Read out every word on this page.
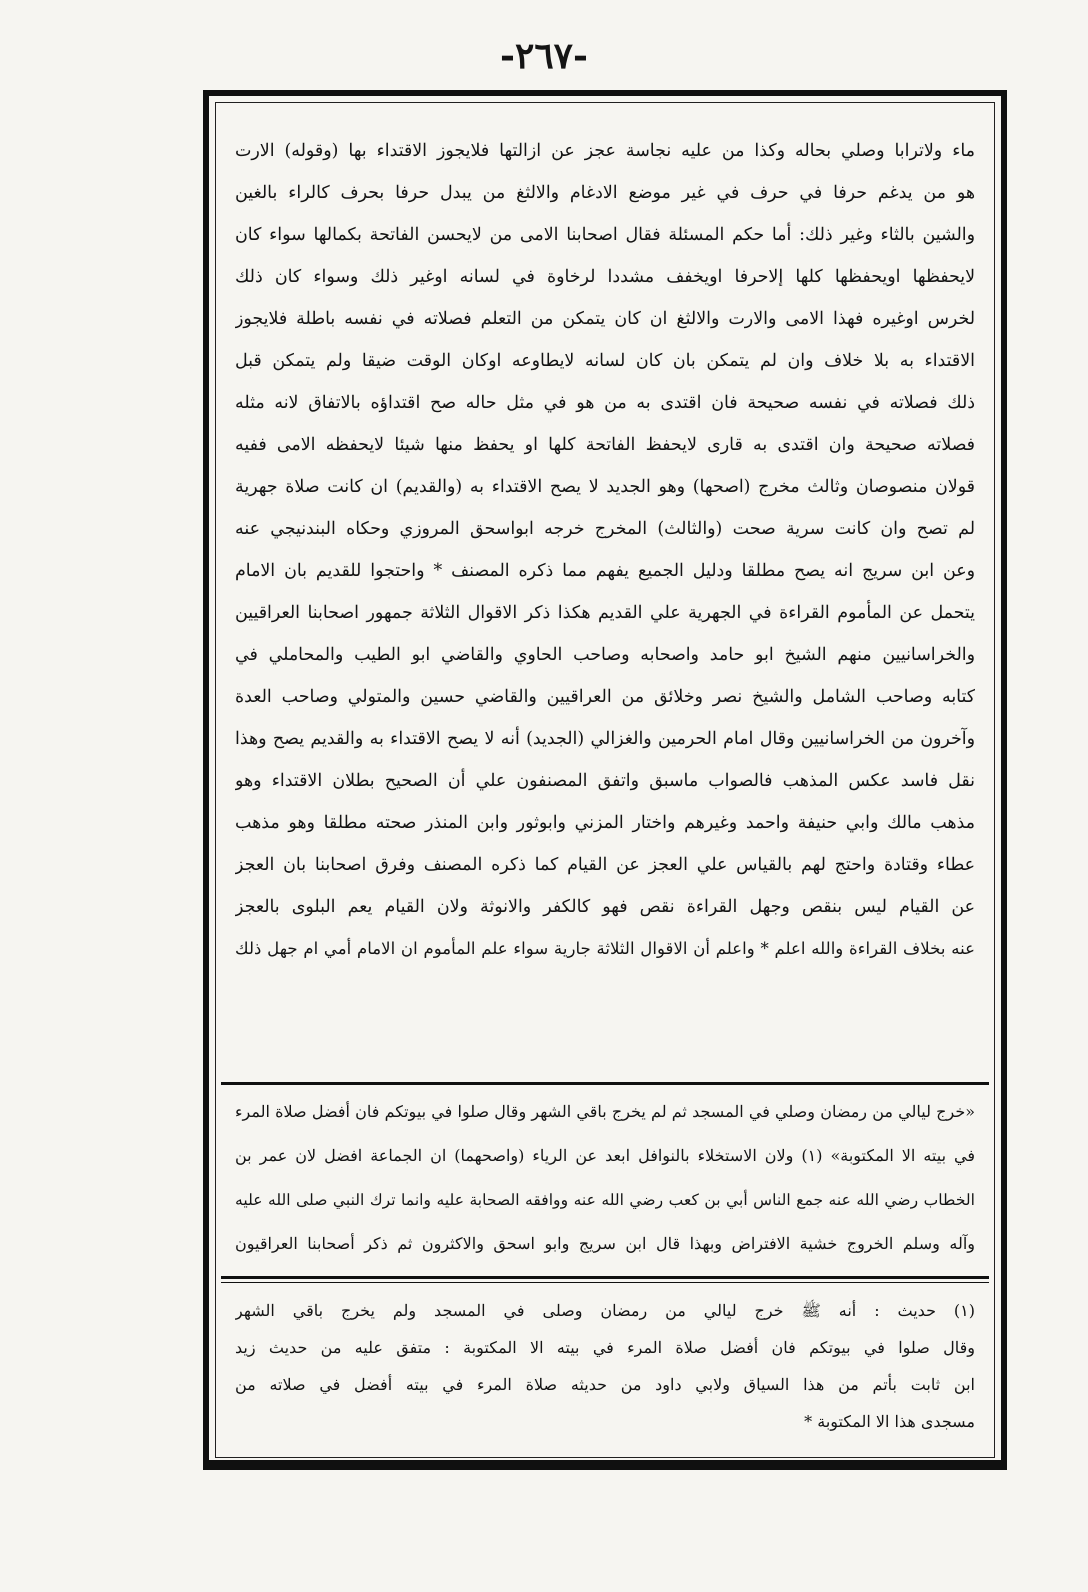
-٢٦٧-
ماء ولاترابا وصلي بحاله وكذا من عليه نجاسة عجز عن ازالتها فلايجوز الاقتداء بها (وقوله) الارت
هو من يدغم حرفا في حرف في غير موضع الادغام والالثغ من يبدل حرفا بحرف كالراء بالغين
والشين بالثاء وغير ذلك: أما حكم المسئلة فقال اصحابنا الامى من لايحسن الفاتحة بكمالها سواء كان
لايحفظها اويحفظها كلها إلاحرفا اويخفف مشددا لرخاوة في لسانه اوغير ذلك وسواء كان ذلك
لخرس اوغيره فهذا الامى والارت والالثغ ان كان يتمكن من التعلم فصلاته في نفسه باطلة فلايجوز
الاقتداء به بلا خلاف وان لم يتمكن بان كان لسانه لايطاوعه اوكان الوقت ضيقا ولم يتمكن قبل
ذلك فصلاته في نفسه صحيحة فان اقتدى به من هو في مثل حاله صح اقتداؤه بالاتفاق لانه مثله
فصلاته صحيحة وان اقتدى به قارى لايحفظ الفاتحة كلها او يحفظ منها شيئا لايحفظه الامى ففيه
قولان منصوصان وثالث مخرج (اصحها) وهو الجديد لا يصح الاقتداء به (والقديم) ان كانت صلاة جهرية
لم تصح وان كانت سرية صحت (والثالث) المخرج خرجه ابواسحق المروزي وحكاه البندنيجي عنه
وعن ابن سريج انه يصح مطلقا ودليل الجميع يفهم مما ذكره المصنف * واحتجوا للقديم بان الامام
يتحمل عن المأموم القراءة في الجهرية علي القديم هكذا ذكر الاقوال الثلاثة جمهور اصحابنا العراقيين
والخراسانيين منهم الشيخ ابو حامد واصحابه وصاحب الحاوي والقاضي ابو الطيب والمحاملي في
كتابه وصاحب الشامل والشيخ نصر وخلائق من العراقيين والقاضي حسين والمتولي وصاحب العدة
وآخرون من الخراسانيين وقال امام الحرمين والغزالي (الجديد) أنه لا يصح الاقتداء به والقديم يصح وهذا
نقل فاسد عكس المذهب فالصواب ماسبق واتفق المصنفون علي أن الصحيح بطلان الاقتداء وهو
مذهب مالك وابي حنيفة واحمد وغيرهم واختار المزني وابوثور وابن المنذر صحته مطلقا وهو مذهب
عطاء وقتادة واحتج لهم بالقياس علي العجز عن القيام كما ذكره المصنف وفرق اصحابنا بان العجز
عن القيام ليس بنقص وجهل القراءة نقص فهو كالكفر والانوثة ولان القيام يعم البلوى بالعجز
عنه بخلاف القراءة والله اعلم * واعلم أن الاقوال الثلاثة جارية سواء علم المأموم ان الامام أمي ام جهل ذلك
«خرج ليالي من رمضان وصلي في المسجد ثم لم يخرج باقي الشهر وقال صلوا في بيوتكم فان أفضل صلاة المرء
في بيته الا المكتوبة» (١) ولان الاستخلاء بالنوافل ابعد عن الرياء (واصحهما) ان الجماعة افضل لان عمر بن
الخطاب رضي الله عنه جمع الناس أبي بن كعب رضي الله عنه ووافقه الصحابة عليه وانما ترك النبي صلى الله عليه
وآله وسلم الخروج خشية الافتراض وبهذا قال ابن سريج وابو اسحق والاكثرون ثم ذكر أصحابنا العراقيون
(١) حديث : أنه ﷺ خرج ليالي من رمضان وصلى في المسجد ولم يخرج باقي الشهر
وقال صلوا في بيوتكم فان أفضل صلاة المرء في بيته الا المكتوبة : متفق عليه من حديث زيد
ابن ثابت بأتم من هذا السياق ولابي داود من حديثه صلاة المرء في بيته أفضل في صلاته من
مسجدى هذا الا المكتوبة *
